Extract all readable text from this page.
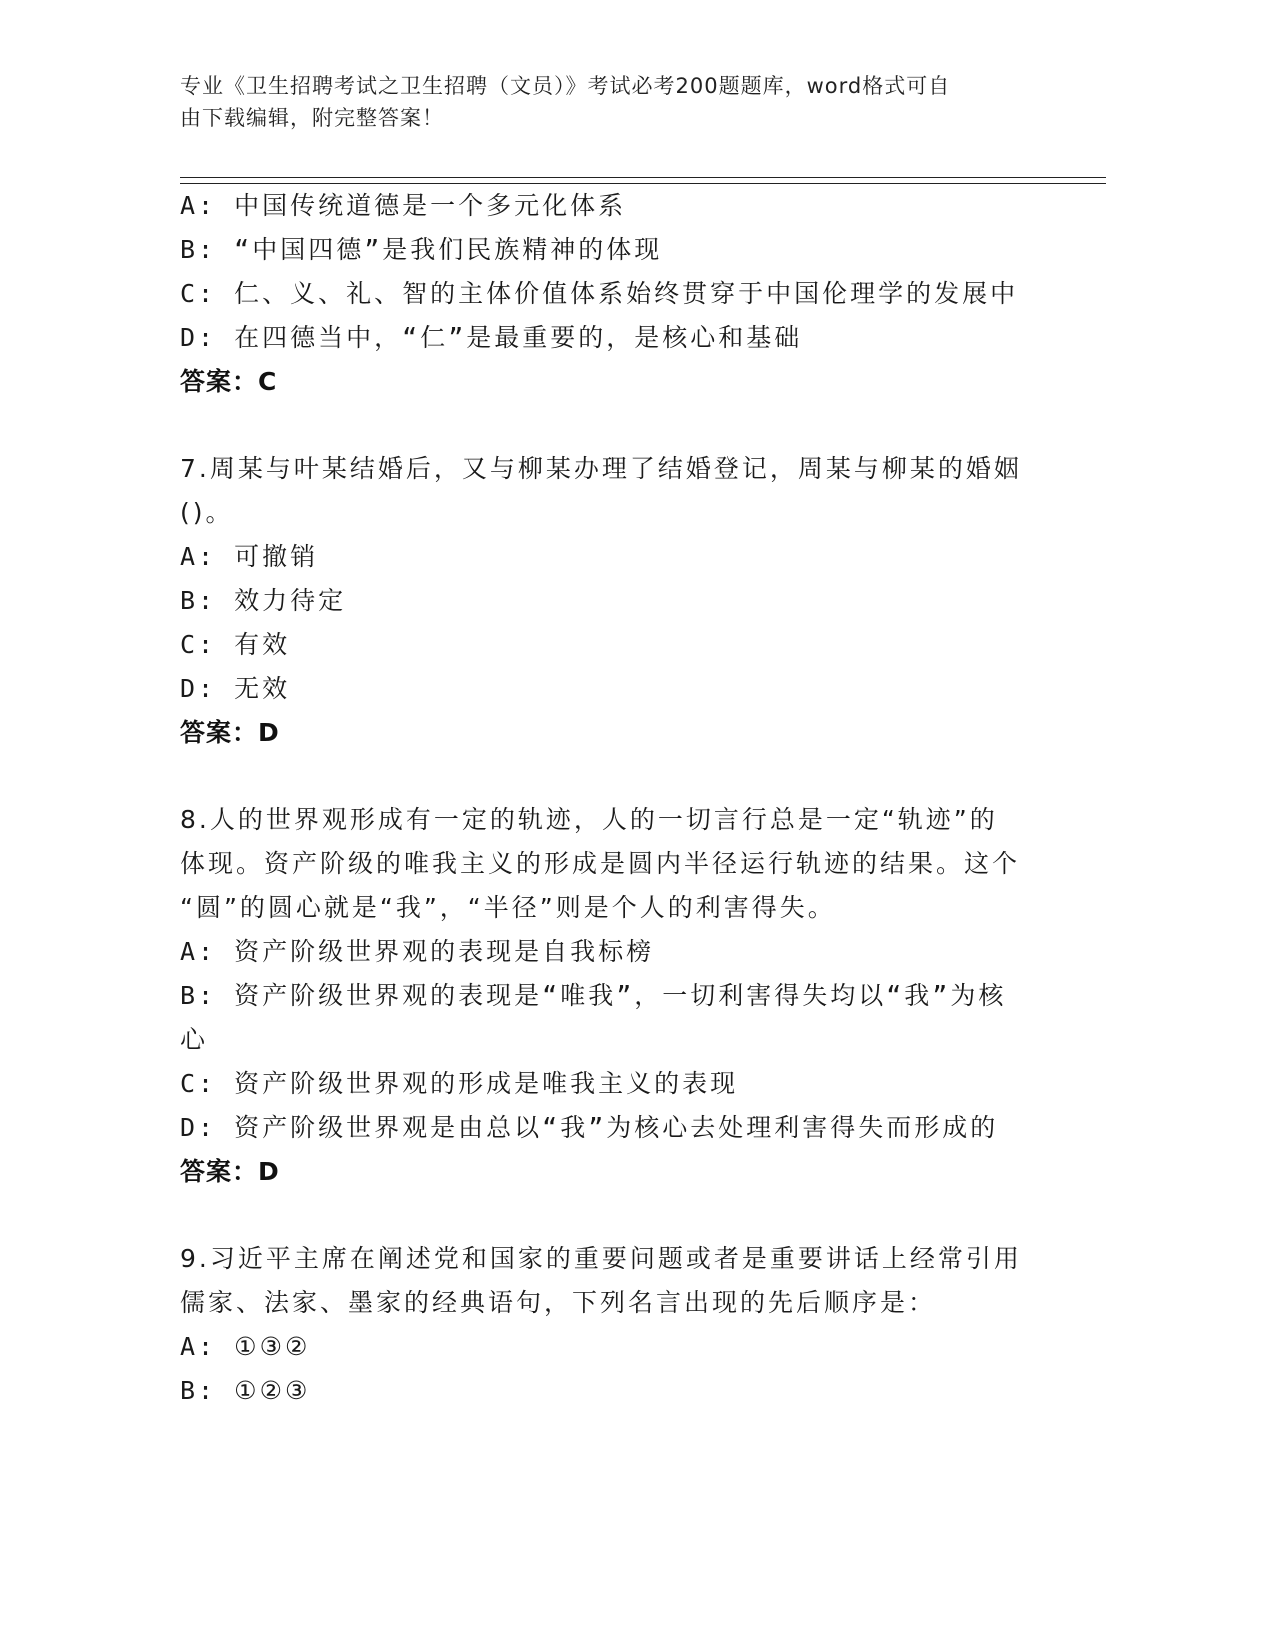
专业《卫生招聘考试之卫生招聘（文员）》考试必考200题题库，word格式可自
由下载编辑，附完整答案！
A: 中国传统道德是一个多元化体系
B: “中国四德”是我们民族精神的体现
C: 仁、义、礼、智的主体价值体系始终贯穿于中国伦理学的发展中
D: 在四德当中，“仁”是最重要的，是核心和基础
答案：C
7.周某与叶某结婚后，又与柳某办理了结婚登记，周某与柳某的婚姻
()。
A: 可撤销
B: 效力待定
C: 有效
D: 无效
答案：D
8.人的世界观形成有一定的轨迹，人的一切言行总是一定“轨迹”的
体现。资产阶级的唯我主义的形成是圆内半径运行轨迹的结果。这个
“圆”的圆心就是“我”，“半径”则是个人的利害得失。
A: 资产阶级世界观的表现是自我标榜
B: 资产阶级世界观的表现是“唯我”，一切利害得失均以“我”为核
心
C: 资产阶级世界观的形成是唯我主义的表现
D: 资产阶级世界观是由总以“我”为核心去处理利害得失而形成的
答案：D
9.习近平主席在阐述党和国家的重要问题或者是重要讲话上经常引用
儒家、法家、墨家的经典语句，下列名言出现的先后顺序是：
A: ①③②
B: ①②③
